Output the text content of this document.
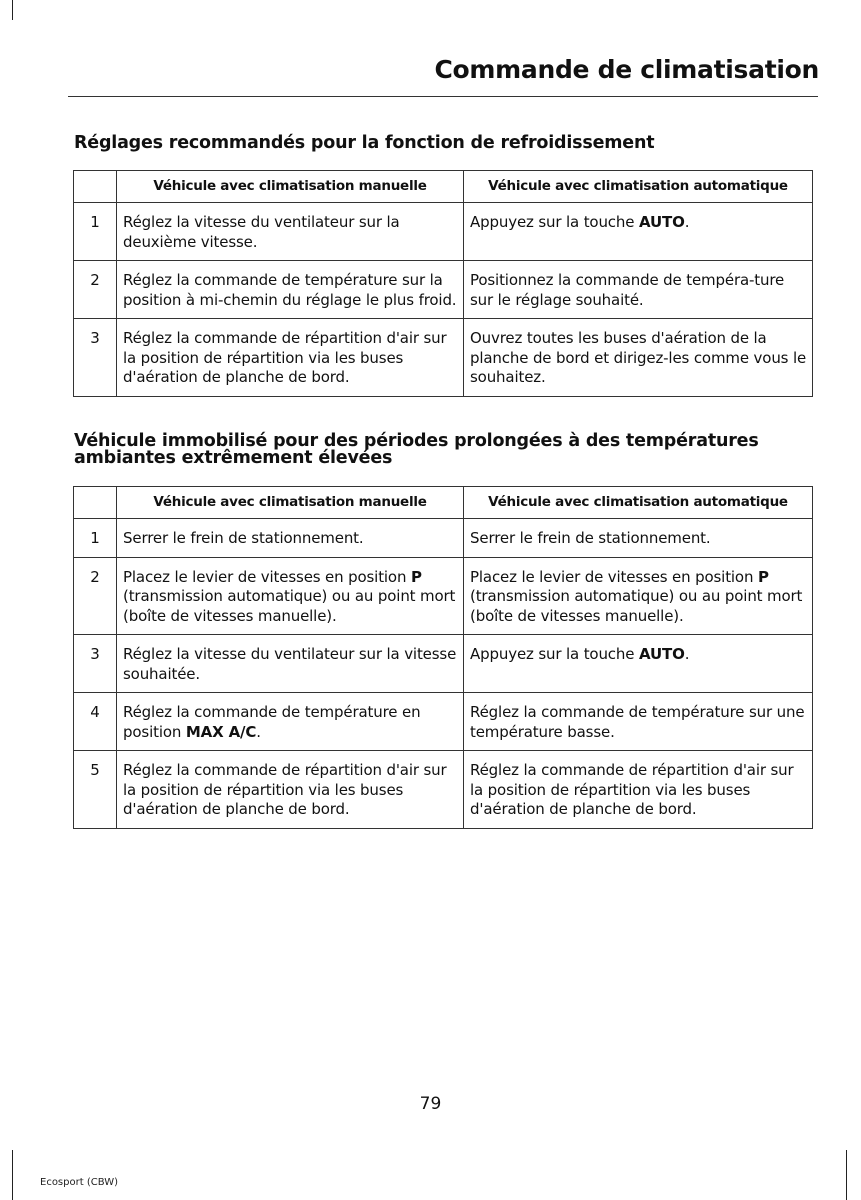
Commande de climatisation
Réglages recommandés pour la fonction de refroidissement
	Véhicule avec climatisation manuelle	Véhicule avec climatisation automatique
1	Réglez la vitesse du ventilateur sur la deuxième vitesse.	Appuyez sur la touche AUTO.
2	Réglez la commande de température sur la position à mi-chemin du réglage le plus froid.	Positionnez la commande de tempéra-ture sur le réglage souhaité.
3	Réglez la commande de répartition d'air sur la position de répartition via les buses d'aération de planche de bord.	Ouvrez toutes les buses d'aération de la planche de bord et dirigez-les comme vous le souhaitez.
Véhicule immobilisé pour des périodes prolongées à des températures ambiantes extrêmement élevées
	Véhicule avec climatisation manuelle	Véhicule avec climatisation automatique
1	Serrer le frein de stationnement.	Serrer le frein de stationnement.
2	Placez le levier de vitesses en position P (transmission automatique) ou au point mort (boîte de vitesses manuelle).	Placez le levier de vitesses en position P (transmission automatique) ou au point mort (boîte de vitesses manuelle).
3	Réglez la vitesse du ventilateur sur la vitesse souhaitée.	Appuyez sur la touche AUTO.
4	Réglez la commande de température en position MAX A/C.	Réglez la commande de température sur une température basse.
5	Réglez la commande de répartition d'air sur la position de répartition via les buses d'aération de planche de bord.	Réglez la commande de répartition d'air sur la position de répartition via les buses d'aération de planche de bord.
79
Ecosport (CBW)
